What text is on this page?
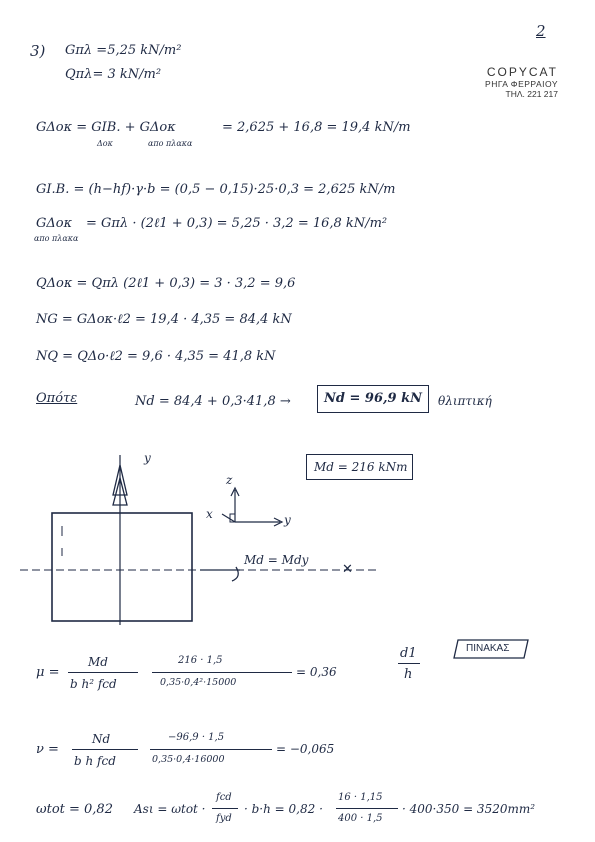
2
COPYCAT
ΡΗΓΑ ΦΕΡΡΑΙΟΥ
ΤΗΛ. 221 217
3) Gπλ =5,25 kN/m²
Qπλ= 3 kN/m²
GΔοκ = GΙΒ. + GΔοκ
Δοκ	απο πλακα
= 2,625 + 16,8 = 19,4 kN/m
GΙ.Β. = (h−hf)·γ·b = (0,5 − 0,15)·25·0,3 = 2,625 kN/m
GΔοκ
απο πλακα
= Gπλ · (2ℓ1 + 0,3) = 5,25 · 3,2 = 16,8 kN/m²
QΔοκ = Qπλ (2ℓ1 + 0,3) = 3 · 3,2 = 9,6
NG = GΔοκ·ℓ2 = 19,4 · 4,35 = 84,4 kN
NQ = QΔο·ℓ2 = 9,6 · 4,35 = 41,8 kN
Οπότε	Nd = 84,4 + 0,3·41,8 →	Nd = 96,9 kN θλιπτική
Md = 216 kNm
y
z
x	y
Md = Mdy
✕
μ =
Md
b h² fcd
216 · 1,5
0,35·0,4²·15000
= 0,36
d1
h
ΠΙΝΑΚΑΣ
ν =
Nd
b h fcd
−96,9 · 1,5
0,35·0,4·16000
= −0,065
ωtot = 0,82 Asι = ωtot ·
fcd
fyd
· b·h = 0,82 ·
16 · 1,15
400 · 1,5
· 400·350 = 3520mm²
